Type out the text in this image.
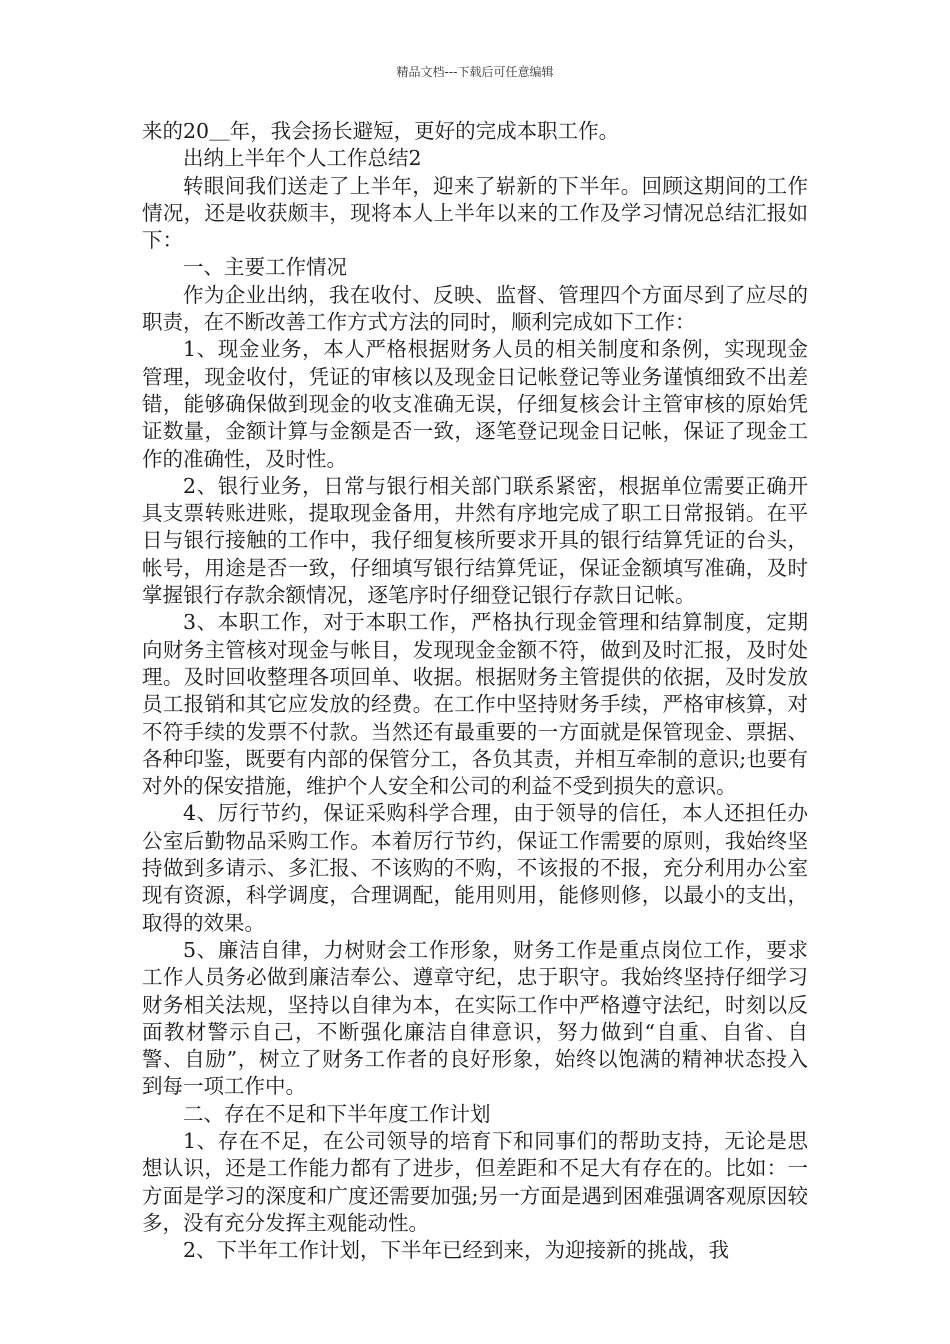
精品文档---下载后可任意编辑

来的20＿年，我会扬长避短，更好的完成本职工作。

出纳上半年个人工作总结2

转眼间我们送走了上半年，迎来了崭新的下半年。回顾这期间的工作情况，还是收获颇丰，现将本人上半年以来的工作及学习情况总结汇报如下：

一、主要工作情况

作为企业出纳，我在收付、反映、监督、管理四个方面尽到了应尽的职责，在不断改善工作方式方法的同时，顺利完成如下工作：

1、现金业务，本人严格根据财务人员的相关制度和条例，实现现金管理，现金收付，凭证的审核以及现金日记帐登记等业务谨慎细致不出差错，能够确保做到现金的收支准确无误，仔细复核会计主管审核的原始凭证数量，金额计算与金额是否一致，逐笔登记现金日记帐，保证了现金工作的准确性，及时性。

2、银行业务，日常与银行相关部门联系紧密，根据单位需要正确开具支票转账进账，提取现金备用，井然有序地完成了职工日常报销。在平日与银行接触的工作中，我仔细复核所要求开具的银行结算凭证的台头，帐号，用途是否一致，仔细填写银行结算凭证，保证金额填写准确，及时掌握银行存款余额情况，逐笔序时仔细登记银行存款日记帐。

3、本职工作，对于本职工作，严格执行现金管理和结算制度，定期向财务主管核对现金与帐目，发现现金金额不符，做到及时汇报，及时处理。及时回收整理各项回单、收据。根据财务主管提供的依据，及时发放员工报销和其它应发放的经费。在工作中坚持财务手续，严格审核算，对不符手续的发票不付款。当然还有最重要的一方面就是保管现金、票据、各种印鉴，既要有内部的保管分工，各负其责，并相互牵制的意识;也要有对外的保安措施，维护个人安全和公司的利益不受到损失的意识。

4、厉行节约，保证采购科学合理，由于领导的信任，本人还担任办公室后勤物品采购工作。本着厉行节约，保证工作需要的原则，我始终坚持做到多请示、多汇报、不该购的不购，不该报的不报，充分利用办公室现有资源，科学调度，合理调配，能用则用，能修则修，以最小的支出，取得的效果。

5、廉洁自律，力树财会工作形象，财务工作是重点岗位工作，要求工作人员务必做到廉洁奉公、遵章守纪，忠于职守。我始终坚持仔细学习财务相关法规，坚持以自律为本，在实际工作中严格遵守法纪，时刻以反面教材警示自己，不断强化廉洁自律意识，努力做到“自重、自省、自警、自励”，树立了财务工作者的良好形象，始终以饱满的精神状态投入到每一项工作中。

二、存在不足和下半年度工作计划

1、存在不足，在公司领导的培育下和同事们的帮助支持，无论是思想认识，还是工作能力都有了进步，但差距和不足大有存在的。比如：一方面是学习的深度和广度还需要加强;另一方面是遇到困难强调客观原因较多，没有充分发挥主观能动性。

2、下半年工作计划，下半年已经到来，为迎接新的挑战，我
